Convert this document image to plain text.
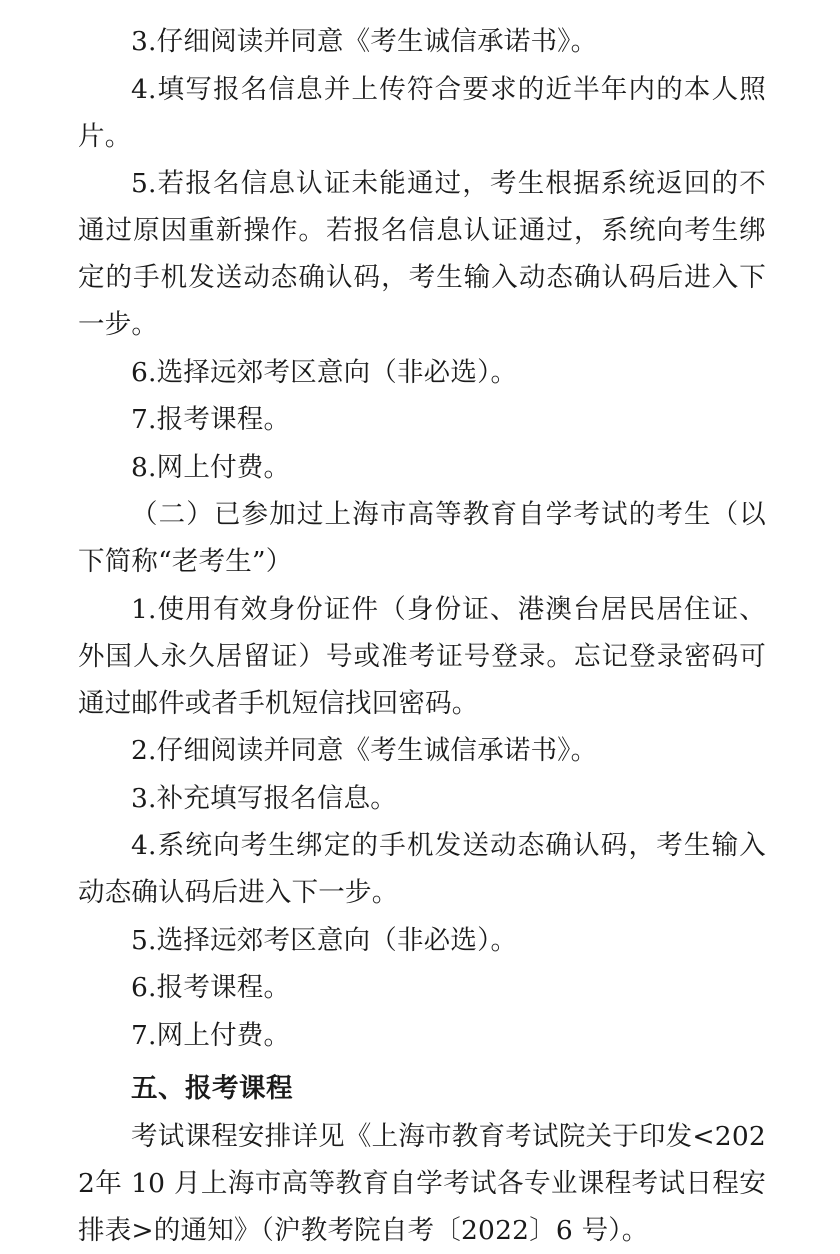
3.仔细阅读并同意《考生诚信承诺书》。

4.填写报名信息并上传符合要求的近半年内的本人照片。

5.若报名信息认证未能通过，考生根据系统返回的不通过原因重新操作。若报名信息认证通过，系统向考生绑定的手机发送动态确认码，考生输入动态确认码后进入下一步。

6.选择远郊考区意向（非必选）。

7.报考课程。

8.网上付费。

（二）已参加过上海市高等教育自学考试的考生（以下简称“老考生”）

1.使用有效身份证件（身份证、港澳台居民居住证、外国人永久居留证）号或准考证号登录。忘记登录密码可通过邮件或者手机短信找回密码。

2.仔细阅读并同意《考生诚信承诺书》。

3.补充填写报名信息。

4.系统向考生绑定的手机发送动态确认码，考生输入动态确认码后进入下一步。

5.选择远郊考区意向（非必选）。

6.报考课程。

7.网上付费。

五、报考课程

考试课程安排详见《上海市教育考试院关于印发<2022年 10 月上海市高等教育自学考试各专业课程考试日程安排表>的通知》（沪教考院自考〔2022〕6 号）。
